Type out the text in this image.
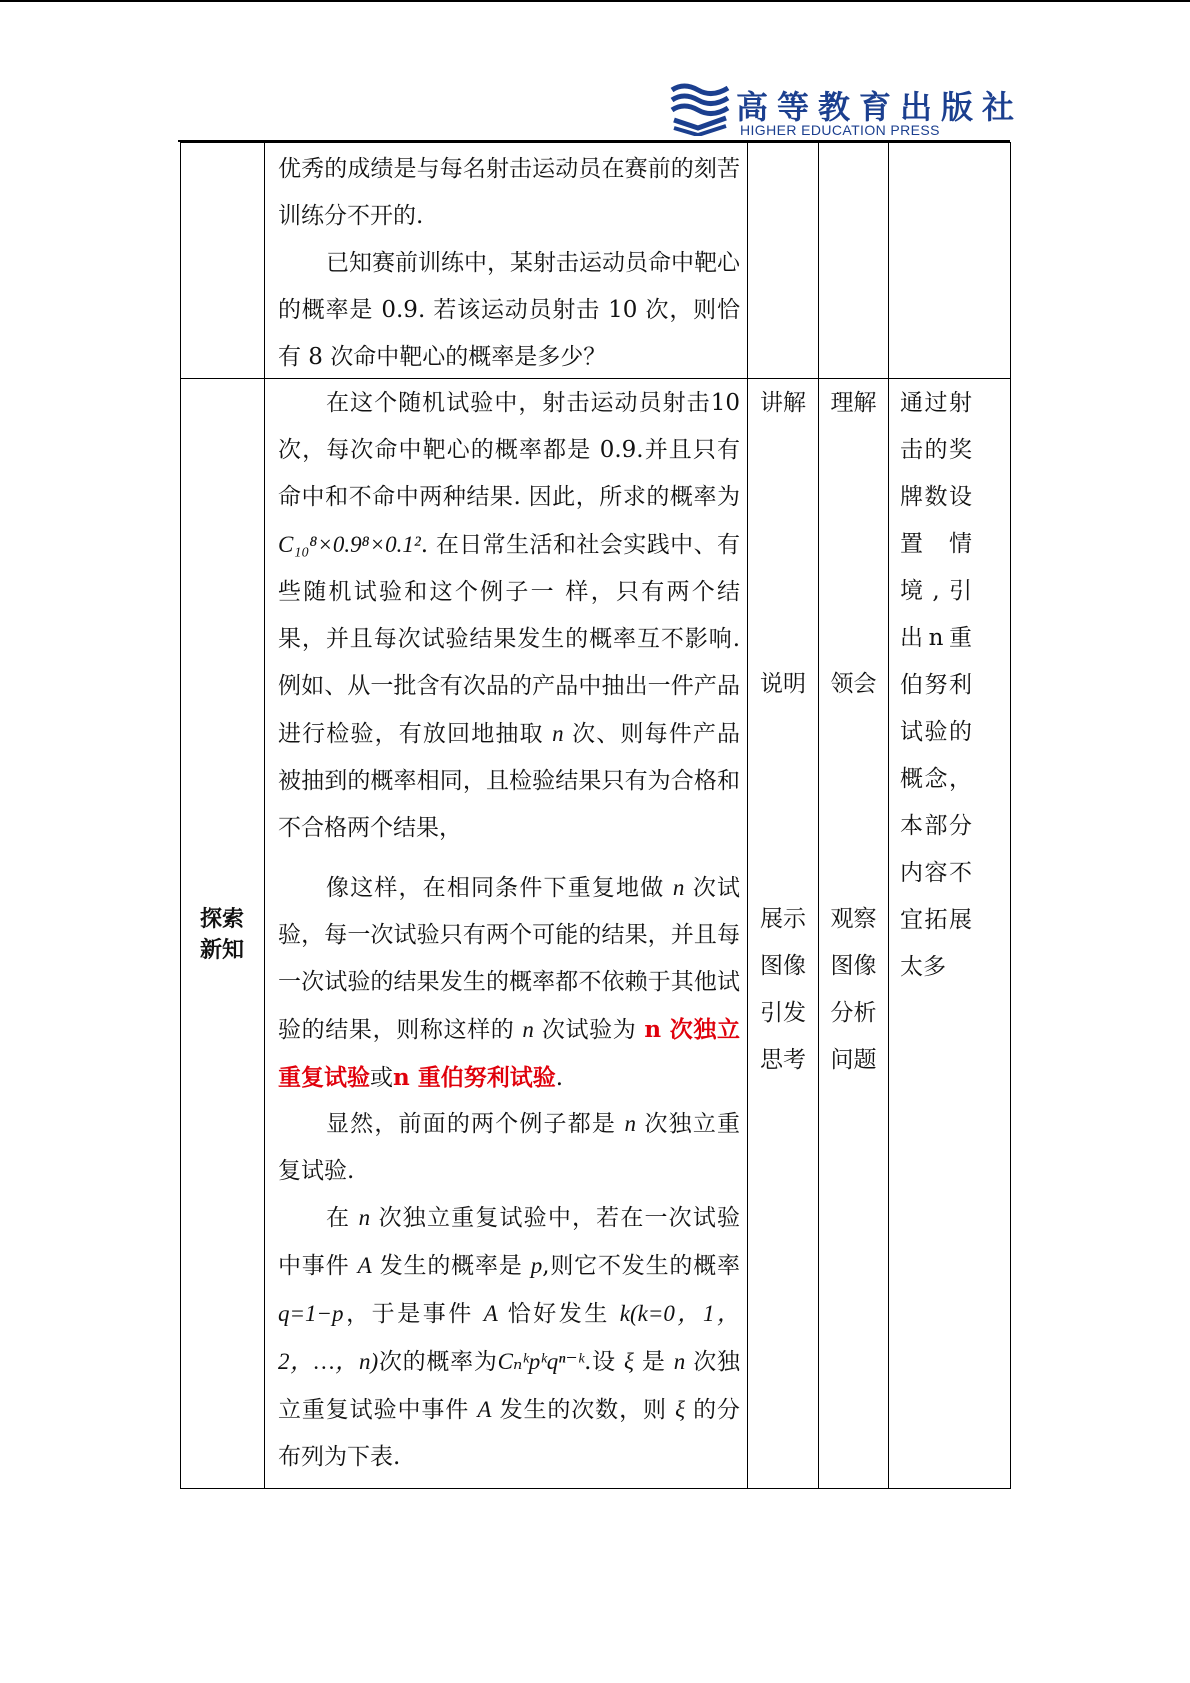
高等教育出版社
HIGHER EDUCATION PRESS

优秀的成绩是与每名射击运动员在赛前的刻苦训练分不开的.

已知赛前训练中，某射击运动员命中靶心的概率是 0.9. 若该运动员射击 10 次，则恰有 8 次命中靶心的概率是多少？

探索
新知

在这个随机试验中，射击运动员射击10次，每次命中靶心的概率都是 0.9.并且只有命中和不命中两种结果. 因此，所求的概率为C₁₀⁸×0.9⁸×0.1². 在日常生活和社会实践中、有些随机试验和这个例子一 样，只有两个结果，并且每次试验结果发生的概率互不影响. 例如、从一批含有次品的产品中抽出一件产品进行检验，有放回地抽取 n 次、则每件产品被抽到的概率相同，且检验结果只有为合格和不合格两个结果，

像这样，在相同条件下重复地做 n 次试验，每一次试验只有两个可能的结果，并且每一次试验的结果发生的概率都不依赖于其他试验的结果，则称这样的 n 次试验为 n 次独立重复试验或n 重伯努利试验.

显然，前面的两个例子都是 n 次独立重复试验.

在 n 次独立重复试验中，若在一次试验中事件 A 发生的概率是 p,则它不发生的概率 q=1−p，于是事件 A 恰好发生 k(k=0，1，2，…，n)次的概率为Cₙᵏpᵏqⁿ⁻ᵏ.设 ξ 是 n 次独立重复试验中事件 A 发生的次数，则 ξ 的分布列为下表.

讲解
说明
展示
图像
引发
思考
理解
领会
观察
图像
分析
问题
通过射击的奖牌数设 置 情境,引出n重伯努利试验的概念，本部分内容不宜拓展太多
